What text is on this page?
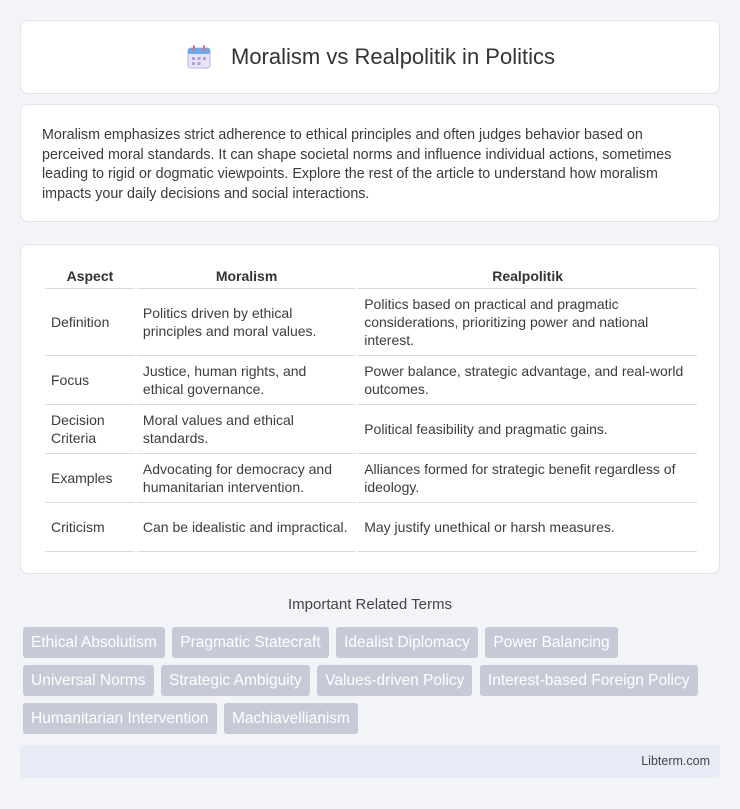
Moralism vs Realpolitik in Politics

Moralism emphasizes strict adherence to ethical principles and often judges behavior based on perceived moral standards. It can shape societal norms and influence individual actions, sometimes leading to rigid or dogmatic viewpoints. Explore the rest of the article to understand how moralism impacts your daily decisions and social interactions.

Aspect	Moralism	Realpolitik
Definition	Politics driven by ethical principles and moral values.	Politics based on practical and pragmatic considerations, prioritizing power and national interest.
Focus	Justice, human rights, and ethical governance.	Power balance, strategic advantage, and real-world outcomes.
Decision Criteria	Moral values and ethical standards.	Political feasibility and pragmatic gains.
Examples	Advocating for democracy and humanitarian intervention.	Alliances formed for strategic benefit regardless of ideology.
Criticism	Can be idealistic and impractical.	May justify unethical or harsh measures.
Important Related Terms
Ethical Absolutism Pragmatic Statecraft Idealist Diplomacy Power Balancing
Universal Norms Strategic Ambiguity Values-driven Policy Interest-based Foreign Policy
Humanitarian Intervention Machiavellianism
Libterm.com
